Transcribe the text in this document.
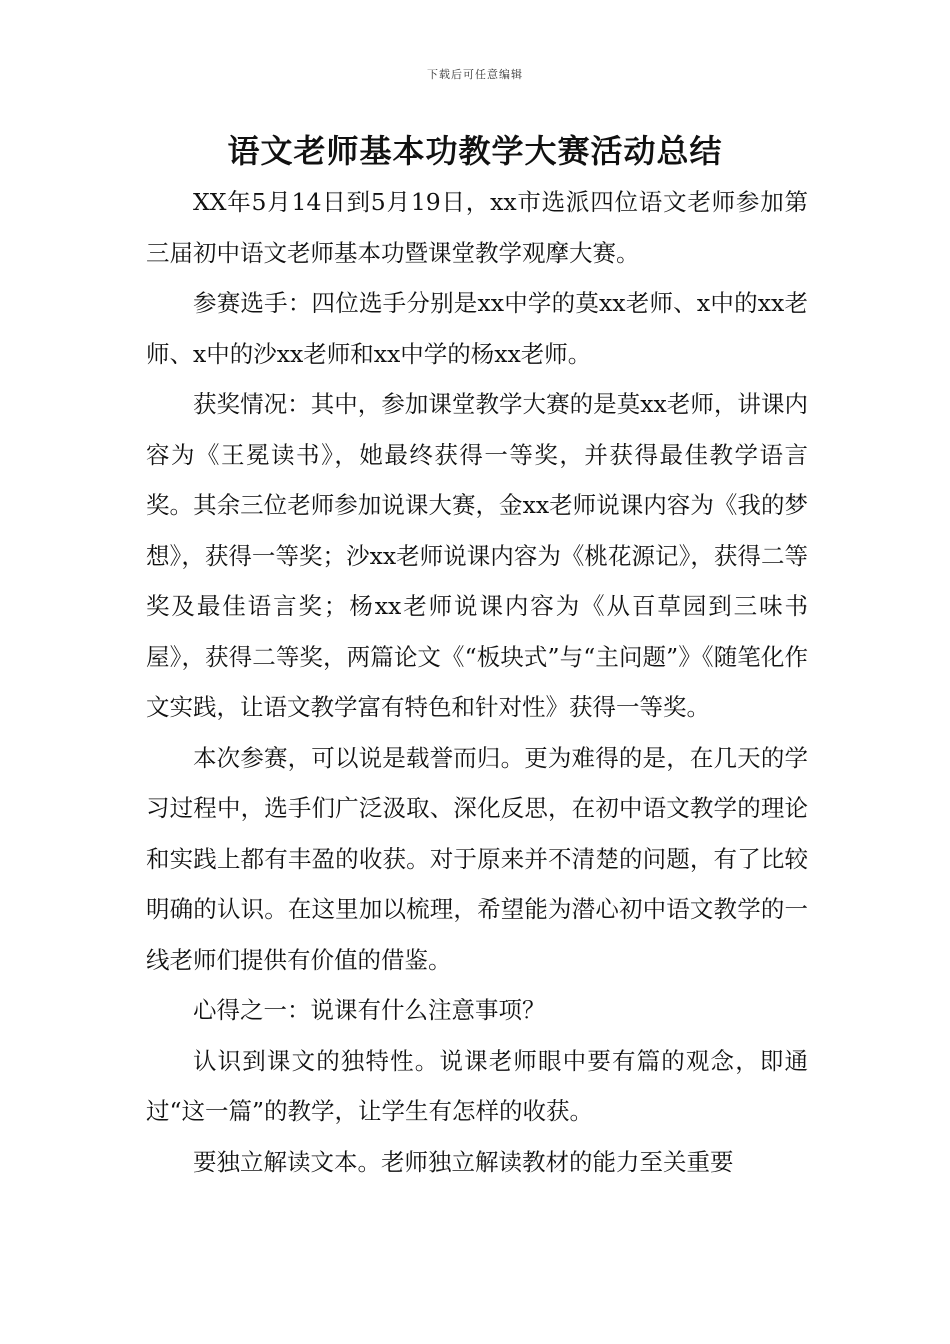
下载后可任意编辑
语文老师基本功教学大赛活动总结

XX年5月14日到5月19日，xx市选派四位语文老师参加第三届初中语文老师基本功暨课堂教学观摩大赛。

参赛选手：四位选手分别是xx中学的莫xx老师、x中的xx老师、x中的沙xx老师和xx中学的杨xx老师。

获奖情况：其中，参加课堂教学大赛的是莫xx老师，讲课内容为《王冕读书》，她最终获得一等奖，并获得最佳教学语言奖。其余三位老师参加说课大赛，金xx老师说课内容为《我的梦想》，获得一等奖；沙xx老师说课内容为《桃花源记》，获得二等奖及最佳语言奖；杨xx老师说课内容为《从百草园到三味书屋》，获得二等奖，两篇论文《“板块式”与“主问题”》《随笔化作文实践，让语文教学富有特色和针对性》获得一等奖。

本次参赛，可以说是载誉而归。更为难得的是，在几天的学习过程中，选手们广泛汲取、深化反思，在初中语文教学的理论和实践上都有丰盈的收获。对于原来并不清楚的问题，有了比较明确的认识。在这里加以梳理，希望能为潜心初中语文教学的一线老师们提供有价值的借鉴。

心得之一：说课有什么注意事项？

认识到课文的独特性。说课老师眼中要有篇的观念，即通过“这一篇”的教学，让学生有怎样的收获。

要独立解读文本。老师独立解读教材的能力至关重要
